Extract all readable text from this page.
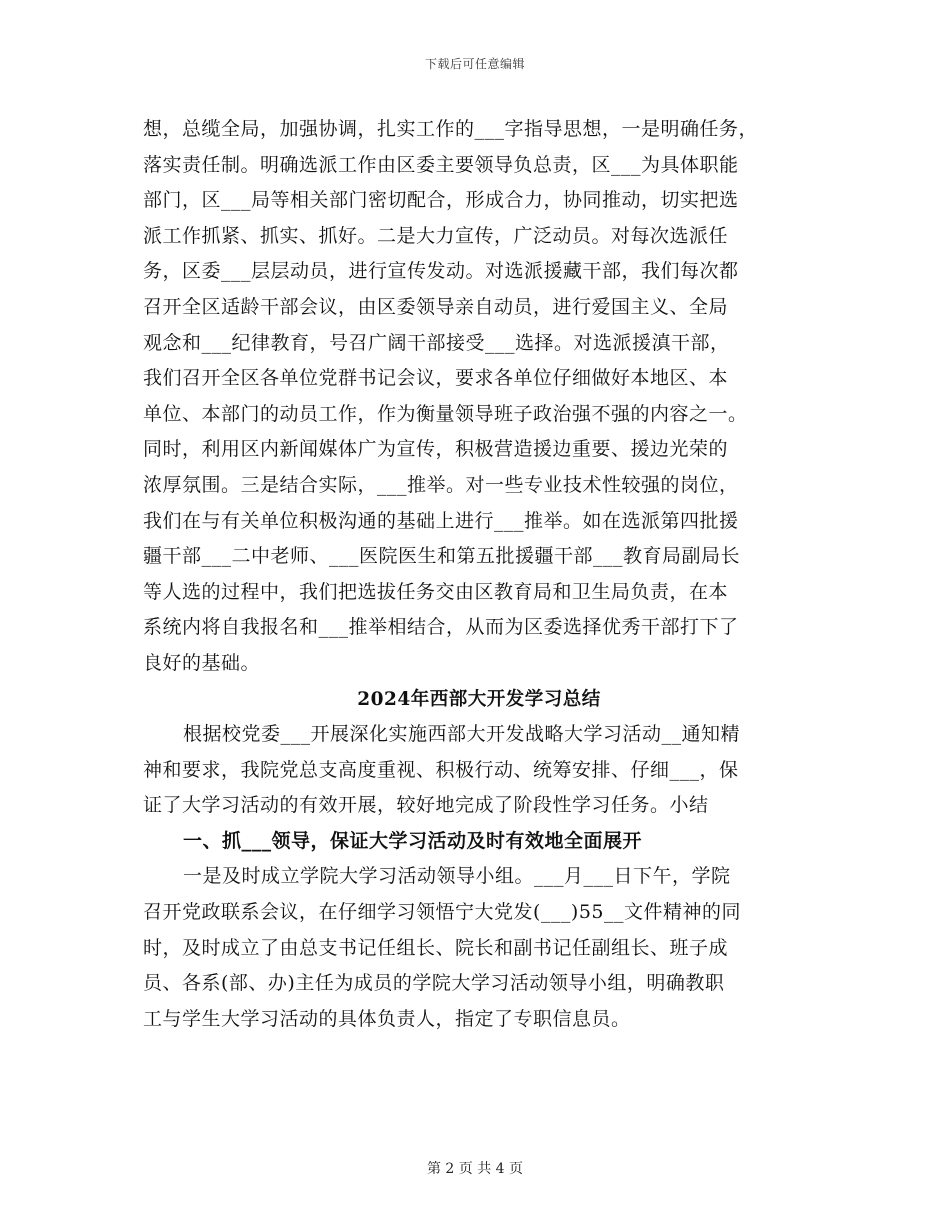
下载后可任意编辑
想，总缆全局，加强协调，扎实工作的___字指导思想，一是明确任务，
落实责任制。明确选派工作由区委主要领导负总责，区___为具体职能
部门，区___局等相关部门密切配合，形成合力，协同推动，切实把选
派工作抓紧、抓实、抓好。二是大力宣传，广泛动员。对每次选派任
务，区委___层层动员，进行宣传发动。对选派援藏干部，我们每次都
召开全区适龄干部会议，由区委领导亲自动员，进行爱国主义、全局
观念和___纪律教育，号召广阔干部接受___选择。对选派援滇干部，
我们召开全区各单位党群书记会议，要求各单位仔细做好本地区、本
单位、本部门的动员工作，作为衡量领导班子政治强不强的内容之一。
同时，利用区内新闻媒体广为宣传，积极营造援边重要、援边光荣的
浓厚氛围。三是结合实际，___推举。对一些专业技术性较强的岗位，
我们在与有关单位积极沟通的基础上进行___推举。如在选派第四批援
疆干部___二中老师、___医院医生和第五批援疆干部___教育局副局长
等人选的过程中，我们把选拔任务交由区教育局和卫生局负责，在本
系统内将自我报名和___推举相结合，从而为区委选择优秀干部打下了
良好的基础。
2024年西部大开发学习总结
根据校党委___开展深化实施西部大开发战略大学习活动__通知精
神和要求，我院党总支高度重视、积极行动、统筹安排、仔细___，保
证了大学习活动的有效开展，较好地完成了阶段性学习任务。小结
一、抓___领导，保证大学习活动及时有效地全面展开
一是及时成立学院大学习活动领导小组。___月___日下午，学院
召开党政联系会议，在仔细学习领悟宁大党发(___)55__文件精神的同
时，及时成立了由总支书记任组长、院长和副书记任副组长、班子成
员、各系(部、办)主任为成员的学院大学习活动领导小组，明确教职
工与学生大学习活动的具体负责人，指定了专职信息员。
第 2 页 共 4 页
